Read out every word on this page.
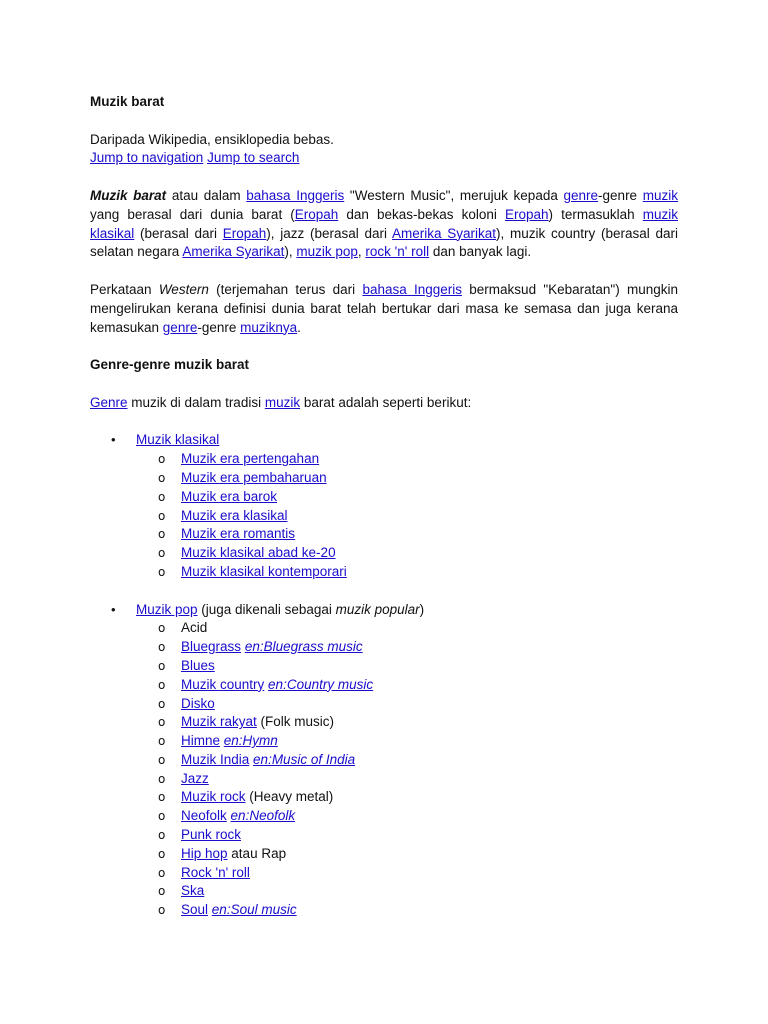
Muzik barat

Daripada Wikipedia, ensiklopedia bebas.

Jump to navigation Jump to search

Muzik barat atau dalam bahasa Inggeris "Western Music", merujuk kepada genre-genre muzik yang berasal dari dunia barat (Eropah dan bekas-bekas koloni Eropah) termasuklah muzik klasikal (berasal dari Eropah), jazz (berasal dari Amerika Syarikat), muzik country (berasal dari selatan negara Amerika Syarikat), muzik pop, rock 'n' roll dan banyak lagi.

Perkataan Western (terjemahan terus dari bahasa Inggeris bermaksud "Kebaratan") mungkin mengelirukan kerana definisi dunia barat telah bertukar dari masa ke semasa dan juga kerana kemasukan genre-genre muziknya.

Genre-genre muzik barat

Genre muzik di dalam tradisi muzik barat adalah seperti berikut:

• Muzik klasikal
o Muzik era pertengahan
o Muzik era pembaharuan
o Muzik era barok
o Muzik era klasikal
o Muzik era romantis
o Muzik klasikal abad ke-20
o Muzik klasikal kontemporari
• Muzik pop (juga dikenali sebagai muzik popular)
o Acid
o Bluegrass en:Bluegrass music
o Blues
o Muzik country en:Country music
o Disko
o Muzik rakyat (Folk music)
o Himne en:Hymn
o Muzik India en:Music of India
o Jazz
o Muzik rock (Heavy metal)
o Neofolk en:Neofolk
o Punk rock
o Hip hop atau Rap
o Rock 'n' roll
o Ska
o Soul en:Soul music
